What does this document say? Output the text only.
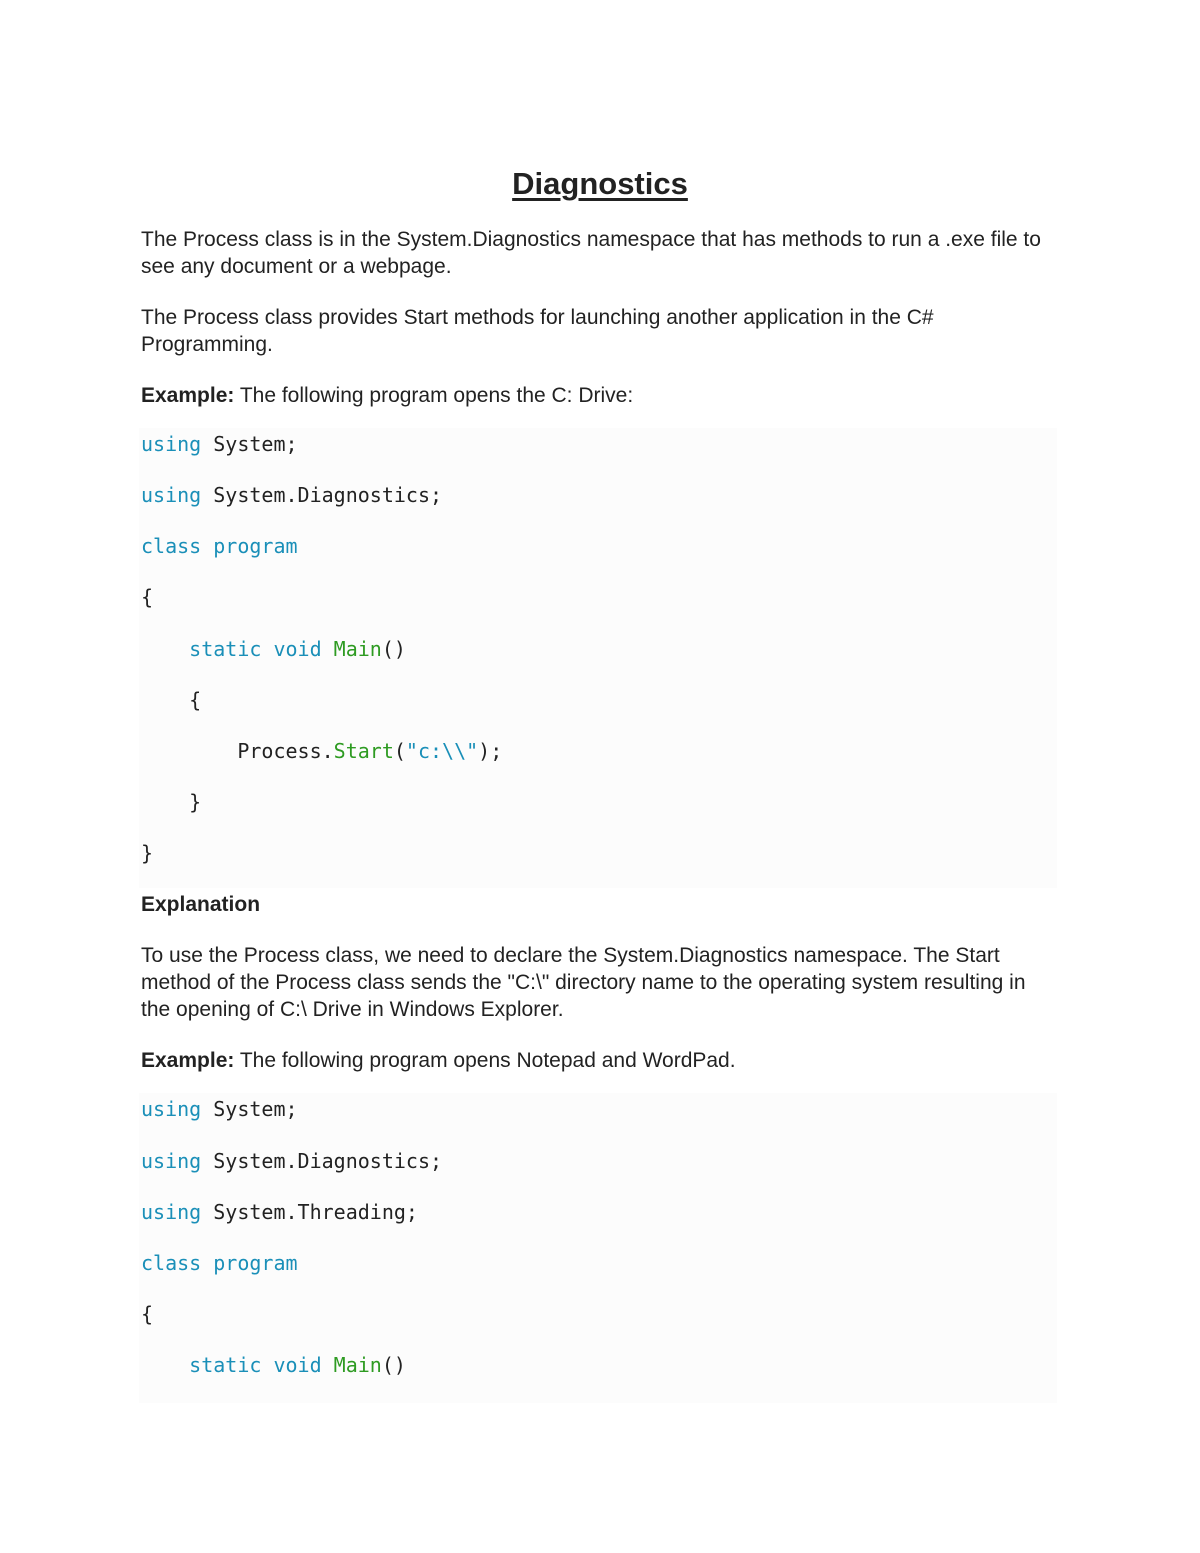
Diagnostics

The Process class is in the System.Diagnostics namespace that has methods to run a .exe file to see any document or a webpage.

The Process class provides Start methods for launching another application in the C# Programming.

Example: The following program opens the C: Drive:

using System;
using System.Diagnostics;
class program
{
static void Main()
{
Process.Start("c:\\");
}
}
Explanation

To use the Process class, we need to declare the System.Diagnostics namespace. The Start method of the Process class sends the "C:\" directory name to the operating system resulting in the opening of C:\ Drive in Windows Explorer.

Example: The following program opens Notepad and WordPad.

using System;
using System.Diagnostics;
using System.Threading;
class program
{
static void Main()
